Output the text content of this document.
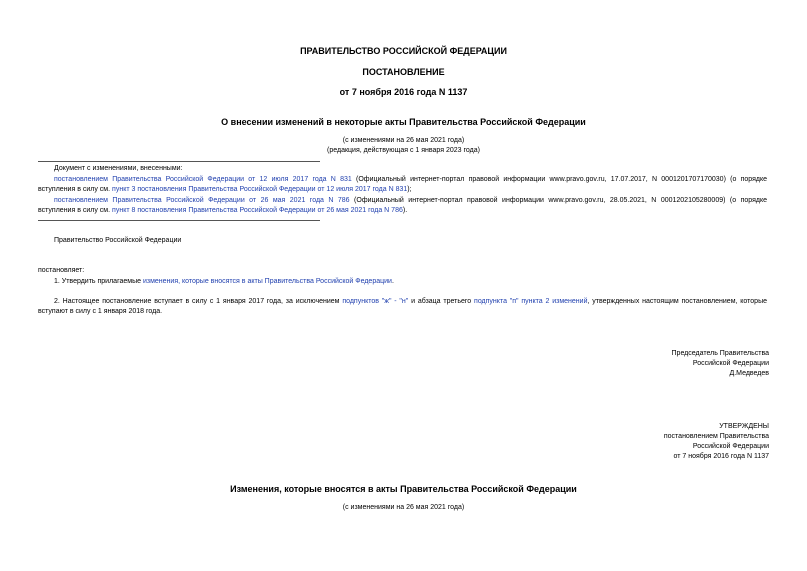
ПРАВИТЕЛЬСТВО РОССИЙСКОЙ ФЕДЕРАЦИИ
ПОСТАНОВЛЕНИЕ
от 7 ноября 2016 года N 1137
О внесении изменений в некоторые акты Правительства Российской Федерации
(с изменениями на 26 мая 2021 года)
(редакция, действующая с 1 января 2023 года)
Документ с изменениями, внесенными:
постановлением Правительства Российской Федерации от 12 июля 2017 года N 831 (Официальный интернет-портал правовой информации www.pravo.gov.ru, 17.07.2017, N 0001201707170030) (о порядке
вступления в силу см. пункт 3 постановления Правительства Российской Федерации от 12 июля 2017 года N 831);
постановлением Правительства Российской Федерации от 26 мая 2021 года N 786 (Официальный интернет-портал правовой информации www.pravo.gov.ru, 28.05.2021, N 0001202105280009) (о порядке
вступления в силу см. пункт 8 постановления Правительства Российской Федерации от 26 мая 2021 года N 786).
Правительство Российской Федерации
постановляет:
1. Утвердить прилагаемые изменения, которые вносятся в акты Правительства Российской Федерации.
2. Настоящее постановление вступает в силу с 1 января 2017 года, за исключением подпунктов "ж" - "н" и абзаца третьего подпункта "п" пункта 2 изменений, утвержденных настоящим постановлением, которые
вступают в силу с 1 января 2018 года.
Председатель Правительства
Российской Федерации
Д.Медведев
УТВЕРЖДЕНЫ
постановлением Правительства
Российской Федерации
от 7 ноября 2016 года N 1137
Изменения, которые вносятся в акты Правительства Российской Федерации
(с изменениями на 26 мая 2021 года)
